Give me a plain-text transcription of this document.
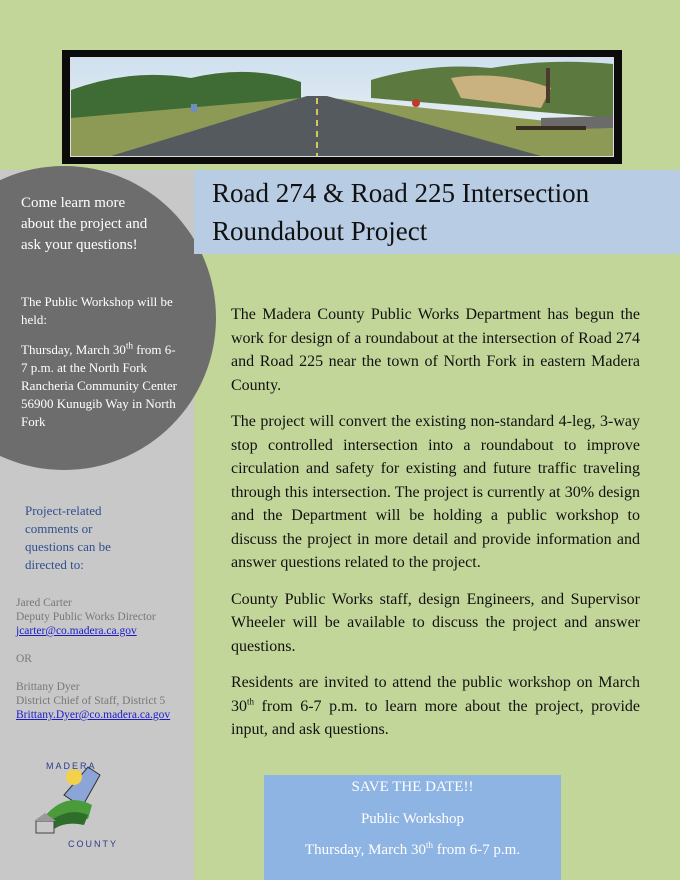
Road 274 & Road 225 Intersection
Roundabout Project
Come learn more about the project and ask your questions!
The Public Workshop will be held:
Thursday, March 30th from 6-7 p.m. at the North Fork Rancheria Community Center 56900 Kunugib Way in North Fork
Project-related comments or questions can be directed to:
Jared Carter
Deputy Public Works Director
jcarter@co.madera.ca.gov
OR
Brittany Dyer
District Chief of Staff, District 5
Brittany.Dyer@co.madera.ca.gov
MADERA
COUNTY

The Madera County Public Works Department has begun the work for design of a roundabout at the intersection of Road 274 and Road 225 near the town of North Fork in eastern Madera County.

The project will convert the existing non-standard 4-leg, 3-way stop controlled intersection into a roundabout to improve circulation and safety for existing and future traffic traveling through this intersection. The project is currently at 30% design and the Department will be holding a public workshop to discuss the project in more detail and provide information and answer questions related to the project.

County Public Works staff, design Engineers, and Supervisor Wheeler will be available to discuss the project and answer questions.

Residents are invited to attend the public workshop on March 30th from 6-7 p.m. to learn more about the project, provide input, and ask questions.

SAVE THE DATE!!
Public Workshop
Thursday, March 30th from 6-7 p.m.
